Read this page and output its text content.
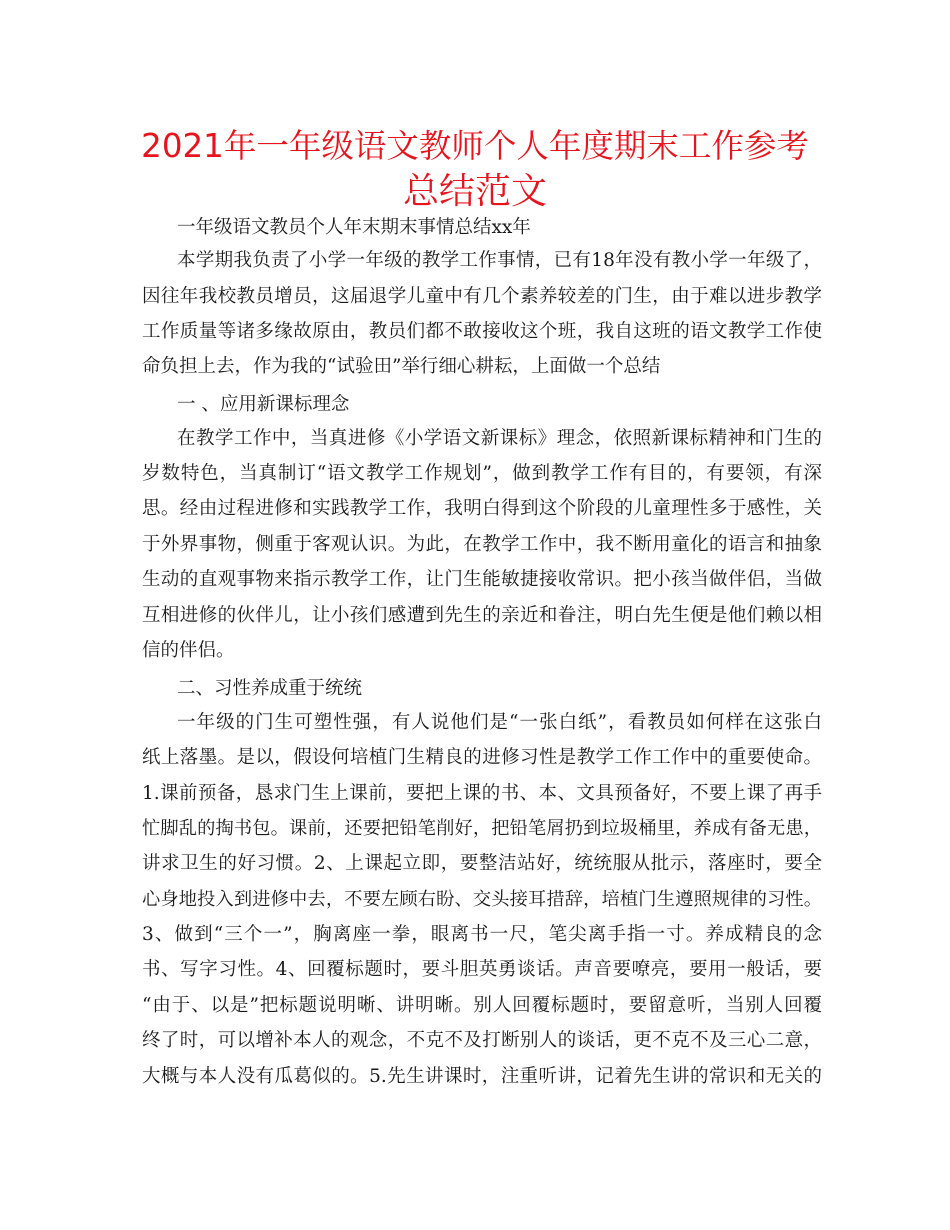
2021年一年级语文教师个人年度期末工作参考
总结范文
一年级语文教员个人年末期末事情总结xx年
本学期我负责了小学一年级的教学工作事情，已有18年没有教小学一年级了，
因往年我校教员增员，这届退学儿童中有几个素养较差的门生，由于难以进步教学
工作质量等诸多缘故原由，教员们都不敢接收这个班，我自这班的语文教学工作使
命负担上去，作为我的“试验田”举行细心耕耘，上面做一个总结
一 、应用新课标理念
在教学工作中，当真进修《小学语文新课标》理念，依照新课标精神和门生的
岁数特色，当真制订“语文教学工作规划”，做到教学工作有目的，有要领，有深
思。经由过程进修和实践教学工作，我明白得到这个阶段的儿童理性多于感性，关
于外界事物，侧重于客观认识。为此，在教学工作中，我不断用童化的语言和抽象
生动的直观事物来指示教学工作，让门生能敏捷接收常识。把小孩当做伴侣，当做
互相进修的伙伴儿，让小孩们感遭到先生的亲近和眷注，明白先生便是他们赖以相
信的伴侣。
二、习性养成重于统统
一年级的门生可塑性强，有人说他们是“一张白纸”，看教员如何样在这张白
纸上落墨。是以，假设何培植门生精良的进修习性是教学工作工作中的重要使命。
1.课前预备，恳求门生上课前，要把上课的书、本、文具预备好，不要上课了再手
忙脚乱的掏书包。课前，还要把铅笔削好，把铅笔屑扔到垃圾桶里，养成有备无患，
讲求卫生的好习惯。2、上课起立即，要整洁站好，统统服从批示，落座时，要全
心身地投入到进修中去，不要左顾右盼、交头接耳措辞，培植门生遵照规律的习性。
3、做到“三个一”，胸离座一拳，眼离书一尺，笔尖离手指一寸。养成精良的念
书、写字习性。4、回覆标题时，要斗胆英勇谈话。声音要嘹亮，要用一般话，要
“由于、以是”把标题说明晰、讲明晰。别人回覆标题时，要留意听，当别人回覆
终了时，可以增补本人的观念，不克不及打断别人的谈话，更不克不及三心二意，
大概与本人没有瓜葛似的。5.先生讲课时，注重听讲，记着先生讲的常识和无关的
